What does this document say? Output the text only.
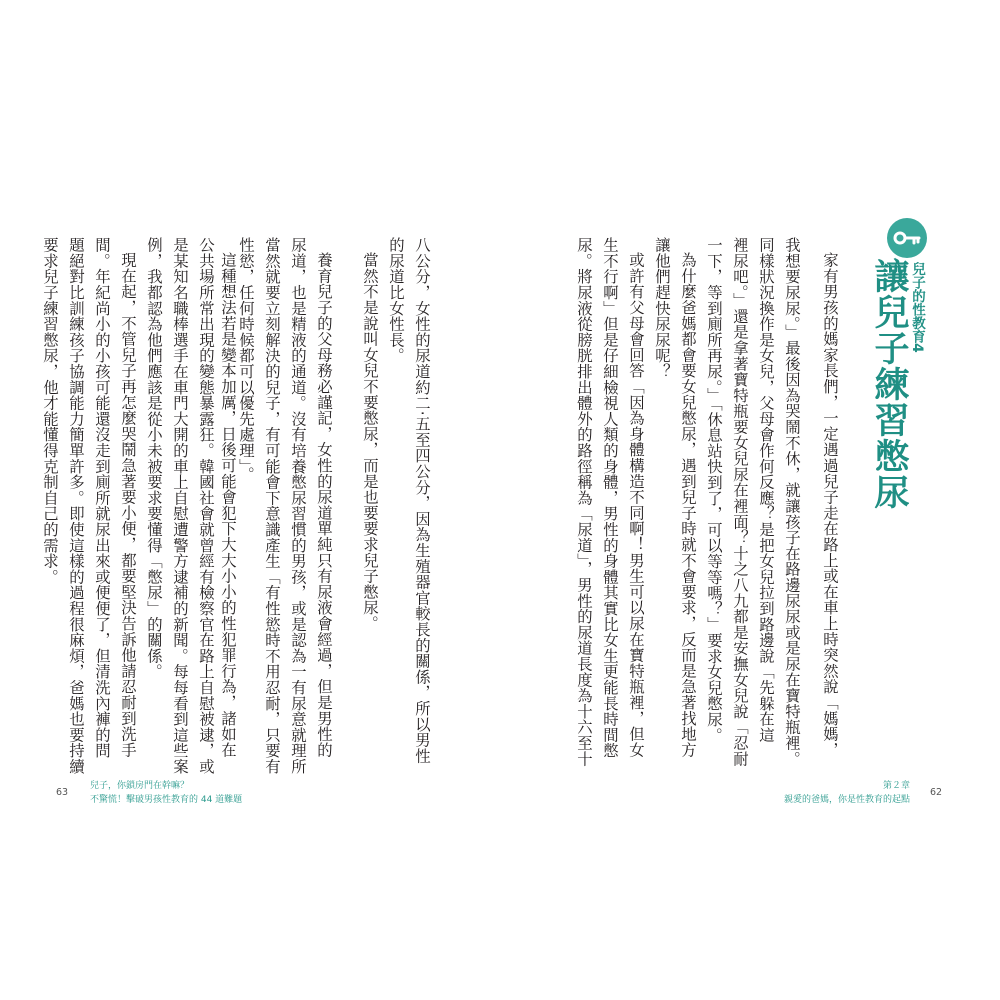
兒子的性教育4
讓兒子練習憋尿
家有男孩的媽家長們，一定遇過兒子走在路上或在車上時突然說「媽媽，
我想要尿尿。」最後因為哭鬧不休，就讓孩子在路邊尿尿或是尿在寶特瓶裡。
同樣狀況換作是女兒，父母會作何反應？是把女兒拉到路邊說「先躲在這
裡尿吧。」還是拿著寶特瓶要女兒尿在裡面？十之八九都是安撫女兒說「忍耐
一下，等到廁所再尿。」「休息站快到了，可以等等嗎？」要求女兒憋尿。
為什麼爸媽都會要女兒憋尿，遇到兒子時就不會要求，反而是急著找地方
讓他們趕快尿尿呢？
或許有父母會回答「因為身體構造不同啊！男生可以尿在寶特瓶裡，但女
生不行啊」但是仔細檢視人類的身體，男性的身體其實比女生更能長時間憋
尿。將尿液從膀胱排出體外的路徑稱為「尿道」，男性的尿道長度為十六至十
第２章
親愛的爸媽，你是性教育的起點
62
八公分，女性的尿道約二‧五至四公分，因為生殖器官較長的關係，所以男性
的尿道比女性長。
當然不是說叫女兒不要憋尿，而是也要要求兒子憋尿。
養育兒子的父母務必謹記，女性的尿道單純只有尿液會經過，但是男性的
尿道，也是精液的通道。沒有培養憋尿習慣的男孩，或是認為一有尿意就理所
當然就要立刻解決的兒子，有可能會下意識產生「有性慾時不用忍耐，只要有
性慾，任何時候都可以優先處理」。
這種想法若是變本加厲，日後可能會犯下大大小小的性犯罪行為，諸如在
公共場所常出現的變態暴露狂。韓國社會就曾經有檢察官在路上自慰被逮，或
是某知名職棒選手在車門大開的車上自慰遭警方逮補的新聞。每每看到這些案
例，我都認為他們應該是從小未被要求要懂得「憋尿」的關係。
現在起，不管兒子再怎麼哭鬧急著要小便，都要堅決告訴他請忍耐到洗手
間。年紀尚小的小孩可能還沒走到廁所就尿出來或便便了，但清洗內褲的問
題絕對比訓練孩子協調能力簡單許多。即使這樣的過程很麻煩，爸媽也要持續
要求兒子練習憋尿，他才能懂得克制自己的需求。
63
兒子，你鎖房門在幹嘛？
不驚慌！擊破男孩性教育的 44 道難題
